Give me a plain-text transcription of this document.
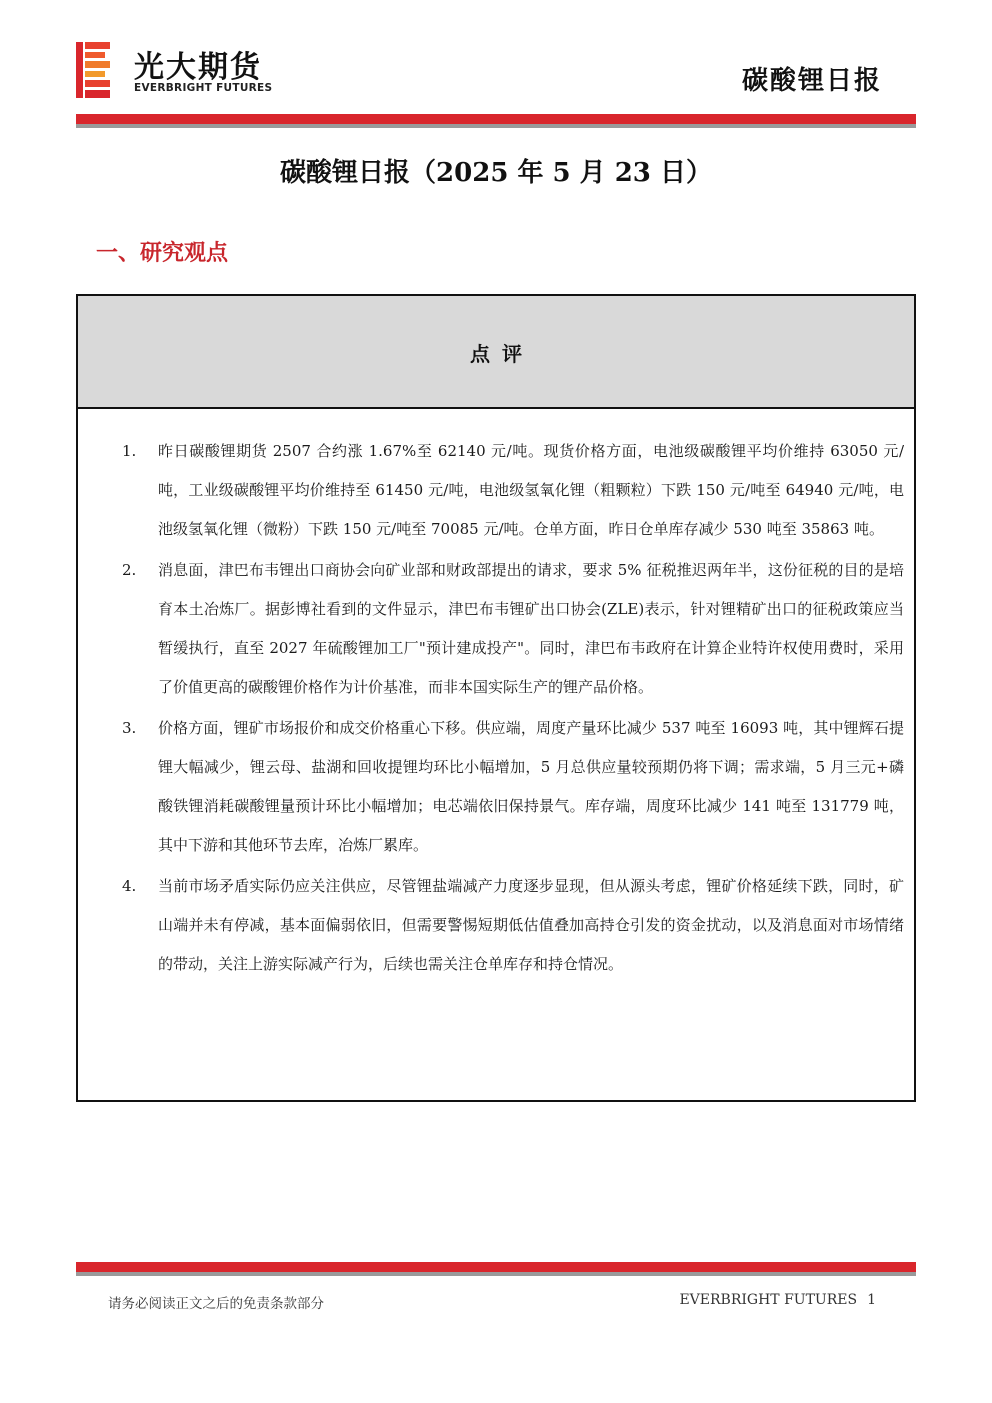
光大期货
EVERBRIGHT FUTURES	碳酸锂日报
碳酸锂日报（2025 年 5 月 23 日）
一、研究观点
点评
1. 昨日碳酸锂期货 2507 合约涨 1.67%至 62140 元/吨。现货价格方面，电池级碳酸锂平均价维持 63050 元/吨，工业级碳酸锂平均价维持至 61450 元/吨，电池级氢氧化锂（粗颗粒）下跌 150 元/吨至 64940 元/吨，电池级氢氧化锂（微粉）下跌 150 元/吨至 70085 元/吨。仓单方面，昨日仓单库存减少 530 吨至 35863 吨。
2. 消息面，津巴布韦锂出口商协会向矿业部和财政部提出的请求，要求 5% 征税推迟两年半，这份征税的目的是培育本土冶炼厂。据彭博社看到的文件显示，津巴布韦锂矿出口协会(ZLE)表示，针对锂精矿出口的征税政策应当暂缓执行，直至 2027 年硫酸锂加工厂"预计建成投产"。同时，津巴布韦政府在计算企业特许权使用费时，采用了价值更高的碳酸锂价格作为计价基准，而非本国实际生产的锂产品价格。
3. 价格方面，锂矿市场报价和成交价格重心下移。供应端，周度产量环比减少 537 吨至 16093 吨，其中锂辉石提锂大幅减少，锂云母、盐湖和回收提锂均环比小幅增加，5 月总供应量较预期仍将下调；需求端，5 月三元+磷酸铁锂消耗碳酸锂量预计环比小幅增加；电芯端依旧保持景气。库存端，周度环比减少 141 吨至 131779 吨，其中下游和其他环节去库，冶炼厂累库。
4. 当前市场矛盾实际仍应关注供应，尽管锂盐端减产力度逐步显现，但从源头考虑，锂矿价格延续下跌，同时，矿山端并未有停减，基本面偏弱依旧，但需要警惕短期低估值叠加高持仓引发的资金扰动，以及消息面对市场情绪的带动，关注上游实际减产行为，后续也需关注仓单库存和持仓情况。
请务必阅读正文之后的免责条款部分	EVERBRIGHT FUTURES 1
